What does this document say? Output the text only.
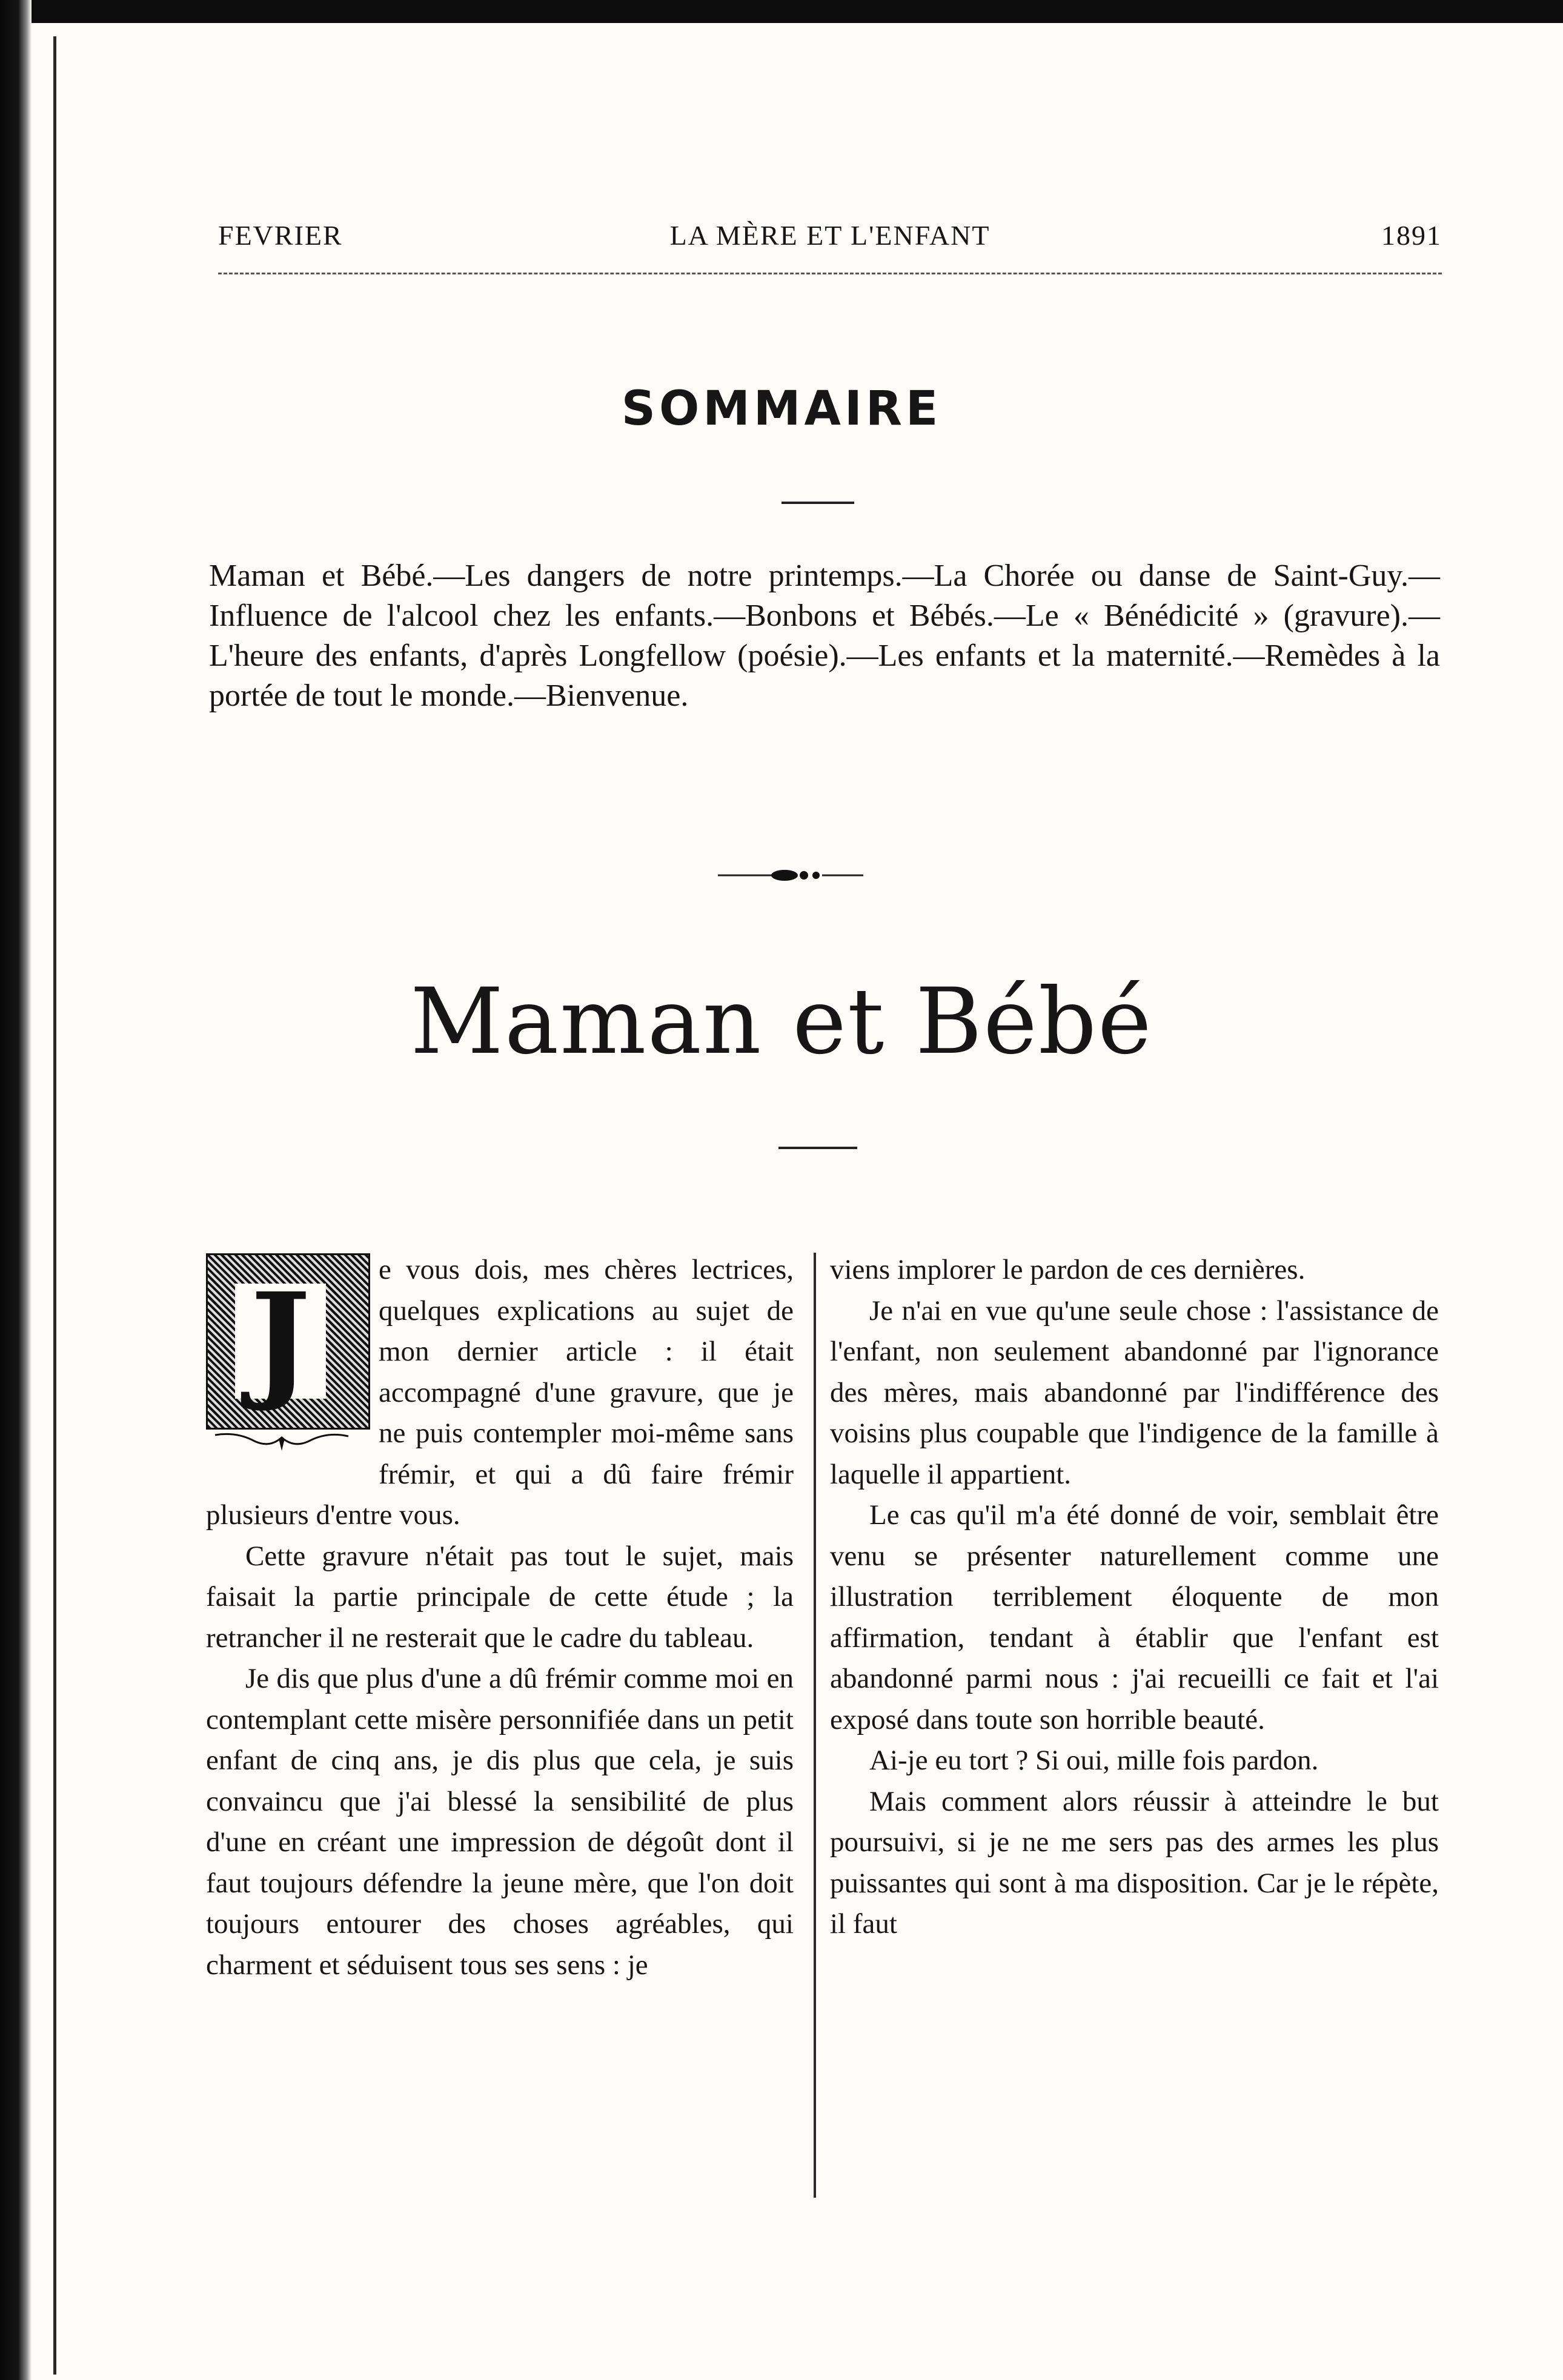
FEVRIER	LA MÈRE ET L'ENFANT	1891
SOMMAIRE
Maman et Bébé.—Les dangers de notre printemps.—La Chorée ou danse de Saint-Guy.—Influence de l'alcool chez les enfants.—Bonbons et Bébés.—Le « Bénédicité » (gravure).—L'heure des enfants, d'après Longfellow (poésie).—Les enfants et la maternité.—Remèdes à la portée de tout le monde.—Bienvenue.
Maman et Bébé
J	e vous dois, mes chères lectrices, quelques explications au sujet de mon dernier article : il était accompagné d'une gravure, que je ne puis contempler moi-même sans frémir, et qui a dû faire frémir plusieurs d'entre vous.

Cette gravure n'était pas tout le sujet, mais faisait la partie principale de cette étude ; la retrancher il ne resterait que le cadre du tableau.

Je dis que plus d'une a dû frémir comme moi en contemplant cette misère personnifiée dans un petit enfant de cinq ans, je dis plus que cela, je suis convaincu que j'ai blessé la sensibilité de plus d'une en créant une impression de dégoût dont il faut toujours défendre la jeune mère, que l'on doit toujours entourer des choses agréables, qui charment et séduisent tous ses sens : je

viens implorer le pardon de ces dernières.

Je n'ai en vue qu'une seule chose : l'assistance de l'enfant, non seulement abandonné par l'ignorance des mères, mais abandonné par l'indifférence des voisins plus coupable que l'indigence de la famille à laquelle il appartient.

Le cas qu'il m'a été donné de voir, semblait être venu se présenter naturellement comme une illustration terriblement éloquente de mon affirmation, tendant à établir que l'enfant est abandonné parmi nous : j'ai recueilli ce fait et l'ai exposé dans toute son horrible beauté.

Ai-je eu tort ? Si oui, mille fois pardon.

Mais comment alors réussir à atteindre le but poursuivi, si je ne me sers pas des armes les plus puissantes qui sont à ma disposition. Car je le répète, il faut
